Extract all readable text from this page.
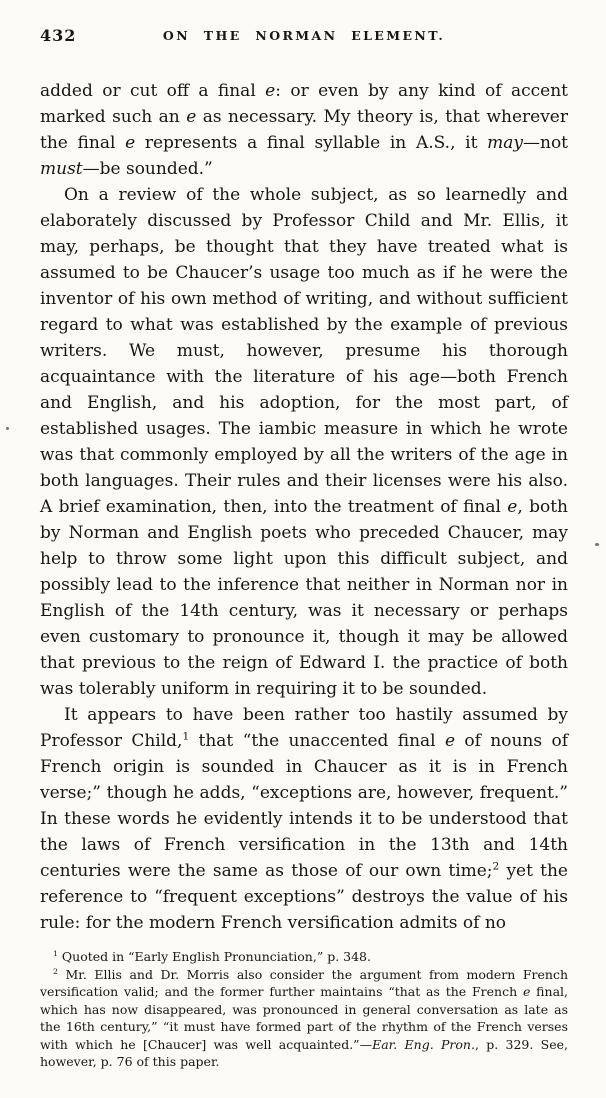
432	ON THE NORMAN ELEMENT.

added or cut off a final e: or even by any kind of accent marked such an e as necessary. My theory is, that wherever the final e represents a final syllable in A.S., it may—not must—be sounded.”

On a review of the whole subject, as so learnedly and elaborately discussed by Professor Child and Mr. Ellis, it may, perhaps, be thought that they have treated what is assumed to be Chaucer’s usage too much as if he were the inventor of his own method of writing, and without sufficient regard to what was established by the example of previous writers. We must, however, presume his thorough acquaintance with the literature of his age—both French and English, and his adoption, for the most part, of established usages. The iambic measure in which he wrote was that commonly employed by all the writers of the age in both languages. Their rules and their licenses were his also. A brief examination, then, into the treatment of final e, both by Norman and English poets who preceded Chaucer, may help to throw some light upon this difficult subject, and possibly lead to the inference that neither in Norman nor in English of the 14th century, was it necessary or perhaps even customary to pronounce it, though it may be allowed that previous to the reign of Edward I. the practice of both was tolerably uniform in requiring it to be sounded.

It appears to have been rather too hastily assumed by Professor Child,$^1$ that “the unaccented final e of nouns of French origin is sounded in Chaucer as it is in French verse;” though he adds, “exceptions are, however, frequent.” In these words he evidently intends it to be understood that the laws of French versification in the 13th and 14th centuries were the same as those of our own time;$^2$ yet the reference to “frequent exceptions” destroys the value of his rule: for the modern French versification admits of no

$^1$ Quoted in “Early English Pronunciation,” p. 348.

$^2$ Mr. Ellis and Dr. Morris also consider the argument from modern French versification valid; and the former further maintains “that as the French e final, which has now disappeared, was pronounced in general conversation as late as the 16th century,” “it must have formed part of the rhythm of the French verses with which he [Chaucer] was well acquainted.”—Ear. Eng. Pron., p. 329. See, however, p. 76 of this paper.
